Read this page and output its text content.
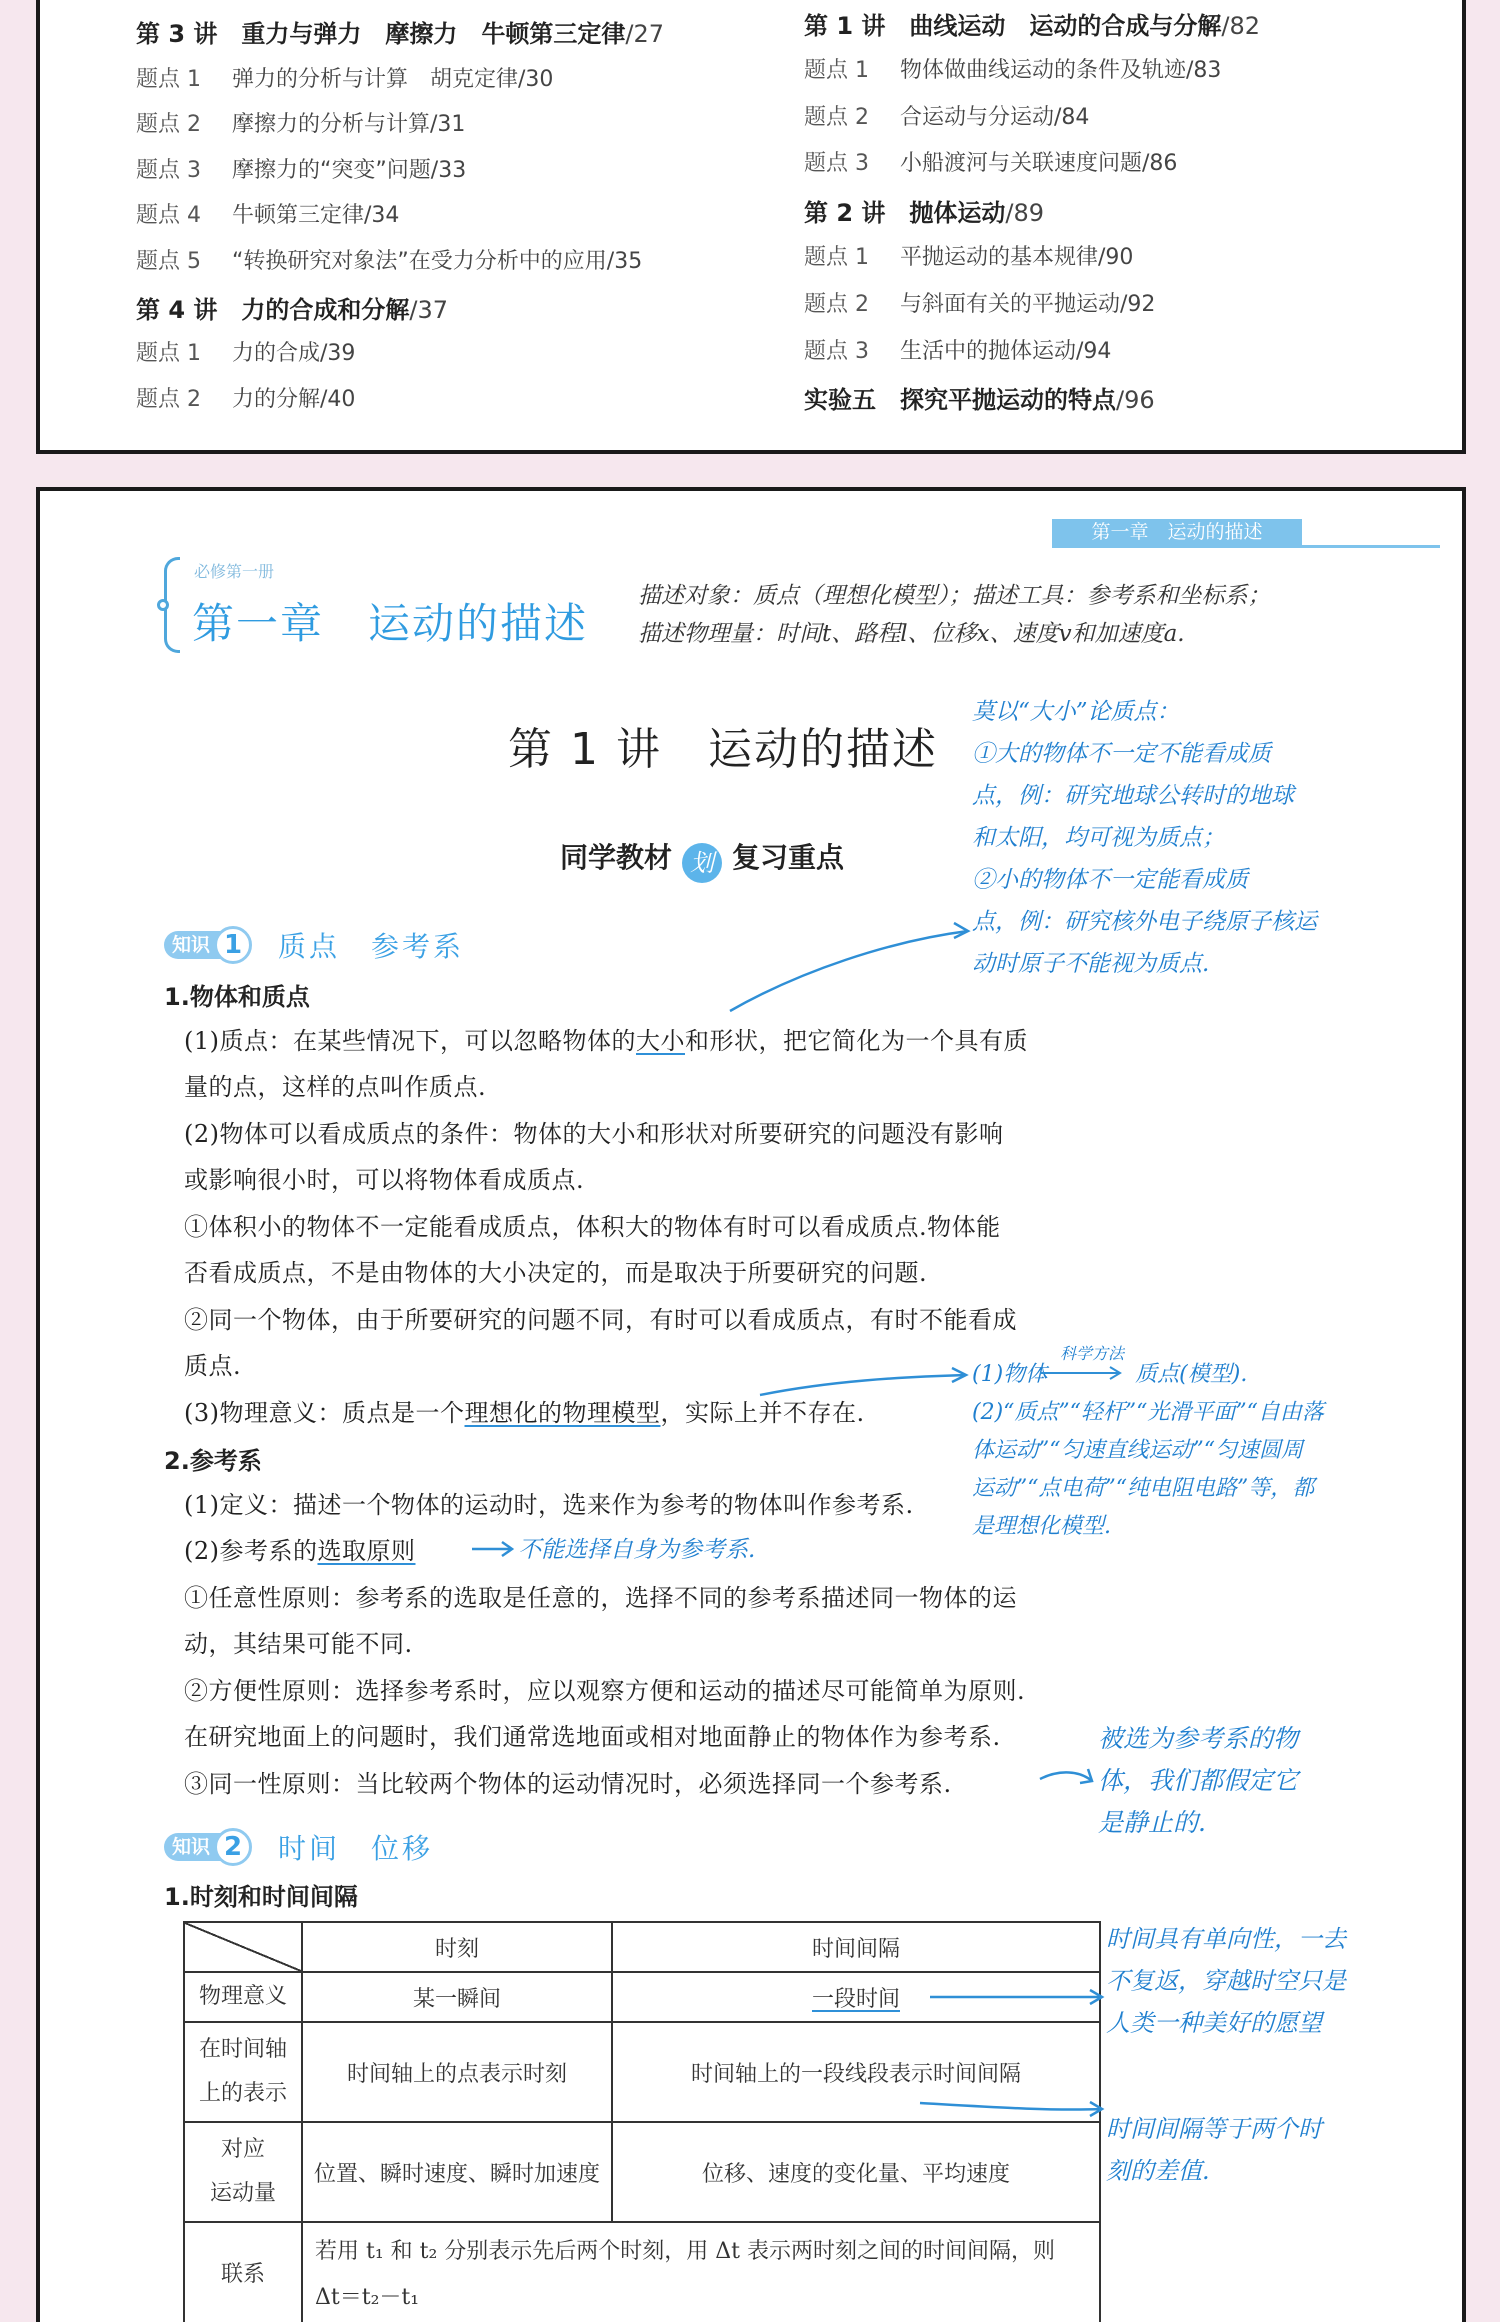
第 3 讲　 重力与弹力　摩擦力　牛顿第三定律/27
题点 1 弹力的分析与计算　胡克定律/30
题点 2 摩擦力的分析与计算/31
题点 3 摩擦力的“突变”问题/33
题点 4 牛顿第三定律/34
题点 5 “转换研究对象法”在受力分析中的应用/35
第 4 讲　 力的合成和分解/37
题点 1 力的合成/39
题点 2 力的分解/40
第 1 讲　 曲线运动　运动的合成与分解/82
题点 1 物体做曲线运动的条件及轨迹/83
题点 2 合运动与分运动/84
题点 3 小船渡河与关联速度问题/86
第 2 讲　 抛体运动/89
题点 1 平抛运动的基本规律/90
题点 2 与斜面有关的平抛运动/92
题点 3 生活中的抛体运动/94
实验五　 探究平抛运动的特点/96
第一章　运动的描述
必修第一册
第一章　运动的描述
描述对象：质点（理想化模型）；描述工具：参考系和坐标系；
描述物理量：时间t、路程l、位移x、速度v和加速度a.
第 1 讲　运动的描述
同学教材 划 复习重点
知识 1 质点　参考系
1.物体和质点
(1)质点：在某些情况下，可以忽略物体的大小和形状，把它简化为一个具有质
量的点，这样的点叫作质点.
(2)物体可以看成质点的条件：物体的大小和形状对所要研究的问题没有影响
或影响很小时，可以将物体看成质点.
①体积小的物体不一定能看成质点，体积大的物体有时可以看成质点.物体能
否看成质点，不是由物体的大小决定的，而是取决于所要研究的问题.
②同一个物体，由于所要研究的问题不同，有时可以看成质点，有时不能看成
质点.
(3)物理意义：质点是一个理想化的物理模型，实际上并不存在.
2.参考系
(1)定义：描述一个物体的运动时，选来作为参考的物体叫作参考系.
(2)参考系的选取原则
①任意性原则：参考系的选取是任意的，选择不同的参考系描述同一物体的运
动，其结果可能不同.
②方便性原则：选择参考系时，应以观察方便和运动的描述尽可能简单为原则.
在研究地面上的问题时，我们通常选地面或相对地面静止的物体作为参考系.
③同一性原则：当比较两个物体的运动情况时，必须选择同一个参考系.
知识 2 时间　位移
1.时刻和时间间隔
	时刻	时间间隔
物理意义	某一瞬间	一段时间
在时间轴
上的表示	时间轴上的点表示时刻	时间轴上的一段线段表示时间间隔
对应
运动量	位置、瞬时速度、瞬时加速度	位移、速度的变化量、平均速度
联系	若用 t₁ 和 t₂ 分别表示先后两个时刻，用 Δt 表示两时刻之间的时间间隔，则
Δt＝t₂－t₁	
莫以“大小”论质点：
①大的物体不一定不能看成质
点，例：研究地球公转时的地球
和太阳，均可视为质点；
②小的物体不一定能看成质
点，例：研究核外电子绕原子核运
动时原子不能视为质点.
科学方法
(1)物体　　　　质点(模型).
(2)“质点”“轻杆”“光滑平面”“自由落
体运动”“匀速直线运动”“匀速圆周
运动”“点电荷”“纯电阻电路”等，都
是理想化模型.
不能选择自身为参考系.
被选为参考系的物
体，我们都假定它
是静止的.
时间具有单向性，一去
不复返，穿越时空只是
人类一种美好的愿望
时间间隔等于两个时
刻的差值.
